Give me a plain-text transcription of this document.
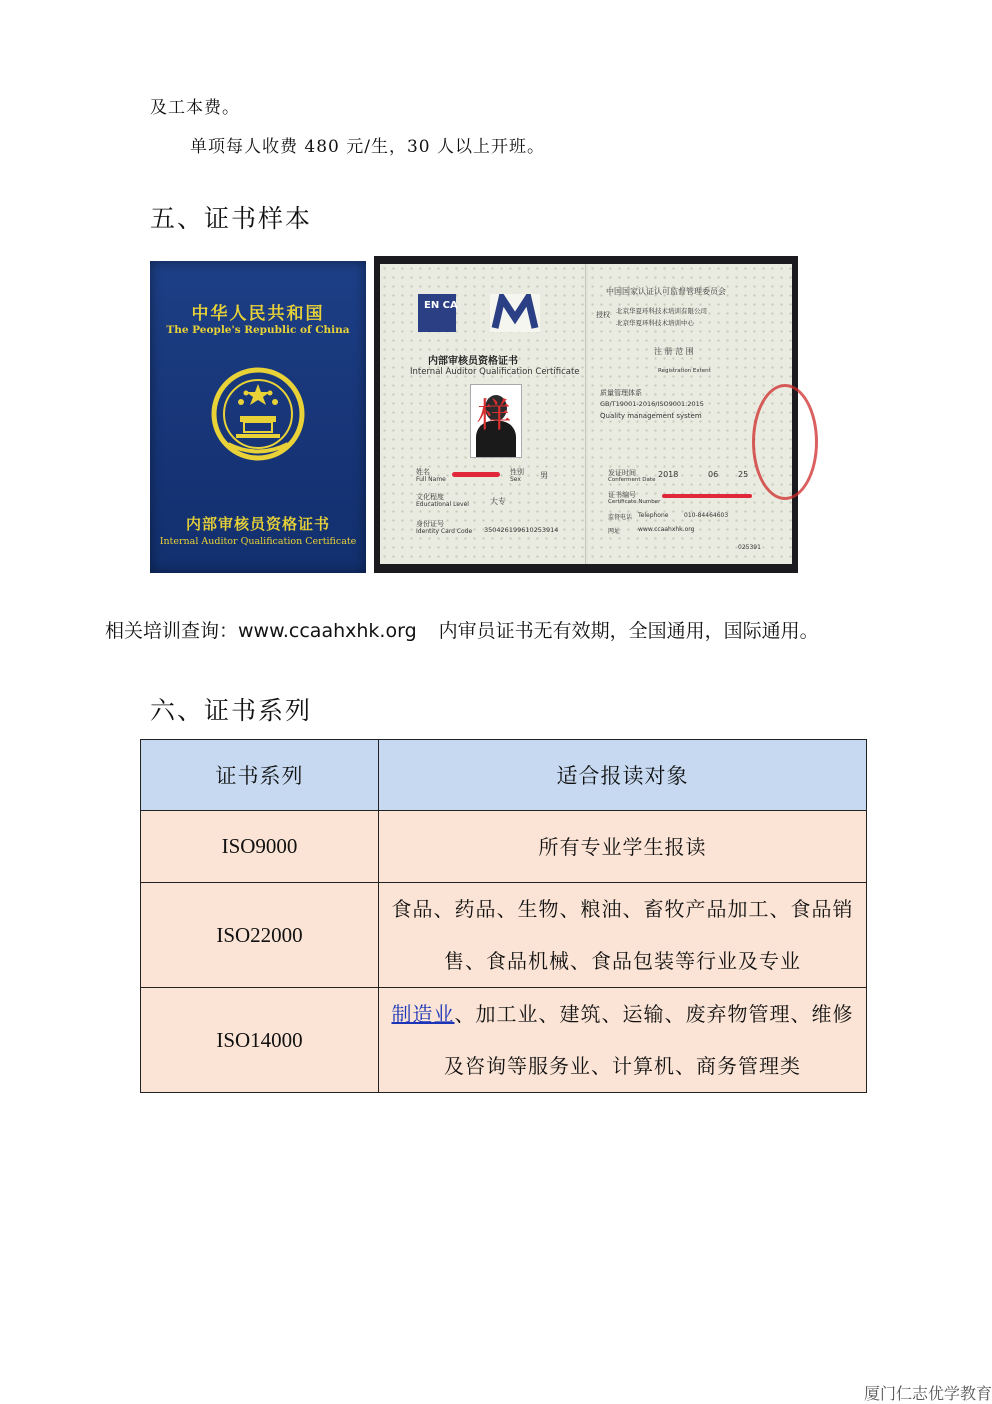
及工本费。
单项每人收费 480 元/生，30 人以上开班。
五、证书样本
中华人民共和国
The People's Republic of China
内部审核员资格证书
Internal Auditor Qualification Certificate
EN CA
内部审核员资格证书
Internal Auditor Qualification Certificate
样
姓名
Full Name
性别
Sex 男
文化程度
Educational Level	大专
身份证号
Identity Card Code 350426199610253914
中国国家认证认可监督管理委员会
授权 北京华夏环科技术培训有限公司
北京华夏环科技术培训中心
注 册 范 围
Registration Extent
质量管理体系
GB/T19001-2016/ISO9001:2015
Quality management system
发证时间
Conferment Date
2018	06 25
证书编号
Certificate Number
监督电话 Telephone	010-84464603
网址	www.ccaahxhk.org
025391
相关培训查询：www.ccaahxhk.org 内审员证书无有效期，全国通用，国际通用。
六、证书系列
证书系列	适合报读对象
ISO9000	所有专业学生报读
ISO22000	食品、药品、生物、粮油、畜牧产品加工、食品销售、食品机械、食品包装等行业及专业
ISO14000	制造业、加工业、建筑、运输、废弃物管理、维修及咨询等服务业、计算机、商务管理类
厦门仁志优学教育
